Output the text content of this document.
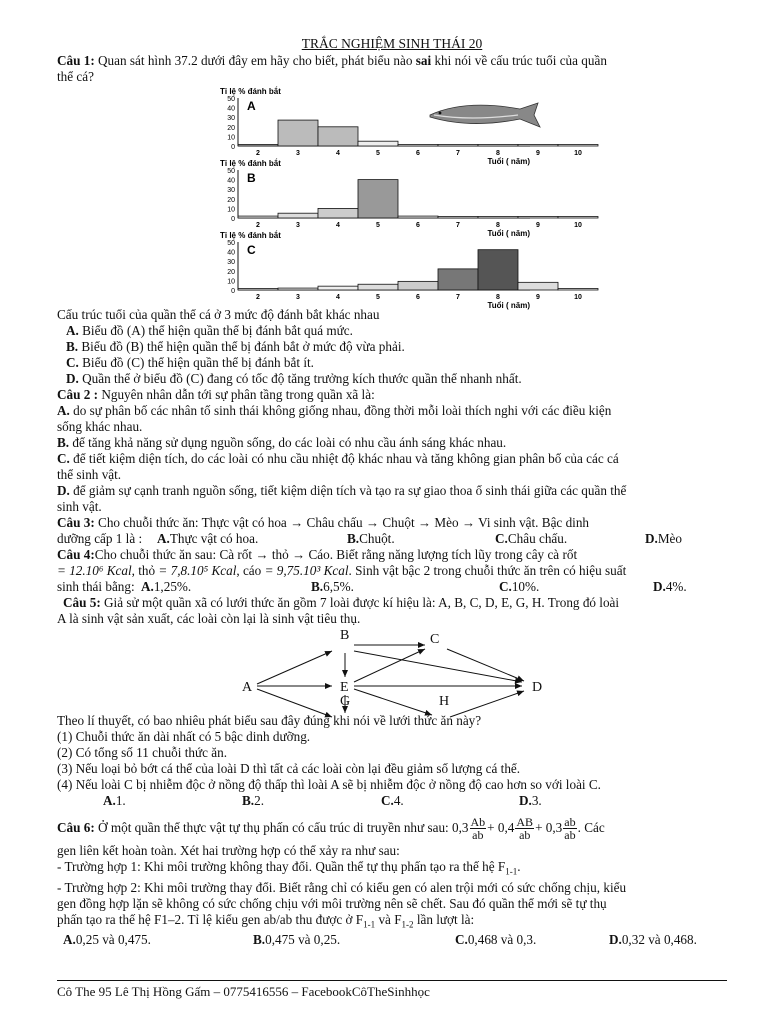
TRẮC NGHIỆM SINH THÁI 20
Câu 1: Quan sát hình 37.2 dưới đây em hãy cho biết, phát biểu nào sai khi nói về cấu trúc tuổi của quần
thể cá?
Tỉ lệ % đánh bắt
A
50
40
30
20
10
0
2	3	4	5	6	7	8	9	10
Tuổi ( năm)
Tỉ lệ % đánh bắt
B
50
40
30
20
10
0
2	3	4	5	6	7	8	9	10
Tuổi ( năm)
Tỉ lệ % đánh bắt
C
50
40
30
20
10
0
2	3	4	5	6	7	8	9	10
Tuổi ( năm)
Cấu trúc tuổi của quần thể cá ở 3 mức độ đánh bắt khác nhau
A. Biểu đồ (A) thể hiện quần thể bị đánh bắt quá mức.
B. Biểu đồ (B) thể hiện quần thể bị đánh bắt ở mức độ vừa phải.
C. Biểu đồ (C) thể hiện quần thể bị đánh bắt ít.
D. Quần thể ở biểu đồ (C) đang có tốc độ tăng trưởng kích thước quần thể nhanh nhất.
Câu 2 : Nguyên nhân dẫn tới sự phân tầng trong quần xã là:
A. do sự phân bố các nhân tố sinh thái không giống nhau, đồng thời mỗi loài thích nghi với các điều kiện
sống khác nhau.
B. để tăng khả năng sử dụng nguồn sống, do các loài có nhu cầu ánh sáng khác nhau.
C. để tiết kiệm diện tích, do các loài có nhu cầu nhiệt độ khác nhau và tăng không gian phân bố của các cá
thể sinh vật.
D. để giảm sự cạnh tranh nguồn sống, tiết kiệm diện tích và tạo ra sự giao thoa ổ sinh thái giữa các quần thể
sinh vật.
Câu 3: Cho chuỗi thức ăn: Thực vật có hoa → Châu chấu → Chuột → Mèo → Vi sinh vật. Bậc dinh
dưỡng cấp 1 là : A.Thực vật có hoa.	B.Chuột.	C.Châu chấu.	D.Mèo
Câu 4:Cho chuỗi thức ăn sau: Cà rốt → thỏ → Cáo. Biết rằng năng lượng tích lũy trong cây cà rốt
= 12.10⁶ Kcal, thỏ = 7,8.10⁵ Kcal, cáo = 9,75.10³ Kcal. Sinh vật bậc 2 trong chuỗi thức ăn trên có hiệu suất
sinh thái bằng: A.1,25%.	B.6,5%.	C.10%.	D.4%.
Câu 5: Giả sử một quần xã có lưới thức ăn gồm 7 loài được kí hiệu là: A, B, C, D, E, G, H. Trong đó loài
A là sinh vật sản xuất, các loài còn lại là sinh vật tiêu thụ.
A
B	C
D
E
G	H
Theo lí thuyết, có bao nhiêu phát biểu sau đây đúng khi nói về lưới thức ăn này?
(1) Chuỗi thức ăn dài nhất có 5 bậc dinh dưỡng.
(2) Có tổng số 11 chuỗi thức ăn.
(3) Nếu loại bỏ bớt cá thể của loài D thì tất cả các loài còn lại đều giảm số lượng cá thể.
(4) Nếu loài C bị nhiễm độc ở nồng độ thấp thì loài A sẽ bị nhiễm độc ở nồng độ cao hơn so với loài C.
A.1.	B.2.	C.4.	D.3.
Câu 6: Ở một quần thể thực vật tự thụ phấn có cấu trúc di truyền như sau: $0,3 \frac{Ab}{ab} + 0,4 \frac{AB}{ab} + 0,3 \frac{ab}{ab}$ . Các
gen liên kết hoàn toàn. Xét hai trường hợp có thể xảy ra như sau:
- Trường hợp 1: Khi môi trường không thay đổi. Quần thể tự thụ phấn tạo ra thế hệ $F_{1-1}$.
- Trường hợp 2: Khi môi trường thay đổi. Biết rằng chỉ có kiểu gen có alen trội mới có sức chống chịu, kiểu
gen đồng hợp lặn sẽ không có sức chống chịu với môi trường nên sẽ chết. Sau đó quần thể mới sẽ tự thụ
phấn tạo ra thế hệ F1–2. Tỉ lệ kiểu gen ab/ab thu được ở $F_{1-1}$ và $F_{1-2}$ lần lượt là:
A.0,25 và 0,475.	B.0,475 và 0,25.	C.0,468 và 0,3.	D.0,32 và 0,468.
Cô The 95 Lê Thị Hồng Gấm – 0775416556 – FacebookCôTheSinhhọc
